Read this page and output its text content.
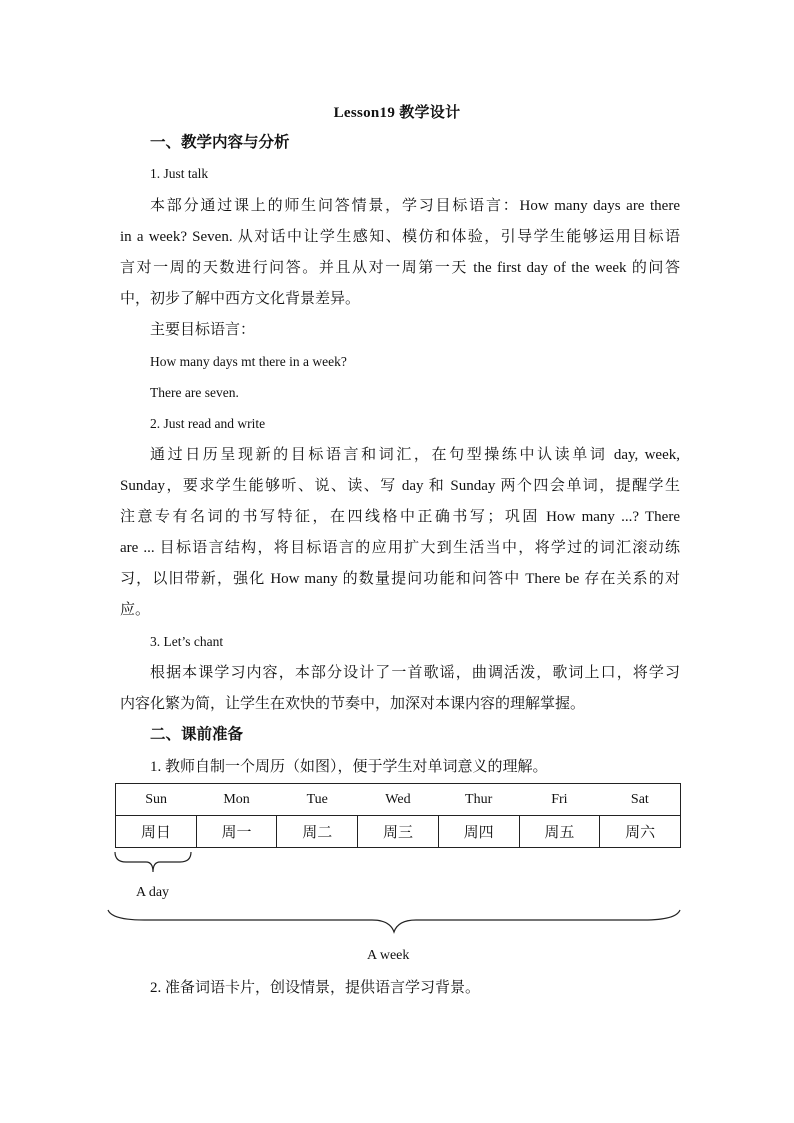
Lesson19 教学设计
一、教学内容与分析
1. Just talk
本部分通过课上的师生问答情景，学习目标语言：How many days are there
in a week? Seven. 从对话中让学生感知、模仿和体验，引导学生能够运用目标语
言对一周的天数进行问答。并且从对一周第一天 the first day of the week 的问答
中，初步了解中西方文化背景差异。
主要目标语言：
How many days mt there in a week?
There are seven.
2. Just read and write
通过日历呈现新的目标语言和词汇，在句型操练中认读单词 day, week,
Sunday，要求学生能够听、说、读、写 day 和 Sunday 两个四会单词，提醒学生
注意专有名词的书写特征，在四线格中正确书写；巩固 How many ...? There
are ... 目标语言结构，将目标语言的应用扩大到生活当中，将学过的词汇滚动练
习，以旧带新，强化 How many 的数量提问功能和问答中 There be 存在关系的对
应。
3. Let’s chant
根据本课学习内容，本部分设计了一首歌谣，曲调活泼，歌词上口，将学习
内容化繁为简，让学生在欢快的节奏中，加深对本课内容的理解掌握。
二、课前准备
1. 教师自制一个周历（如图），便于学生对单词意义的理解。
Sun	Mon	Tue	Wed	Thur	Fri	Sat
周日	周一	周二	周三	周四	周五	周六
A day
A week
2. 准备词语卡片，创设情景，提供语言学习背景。
